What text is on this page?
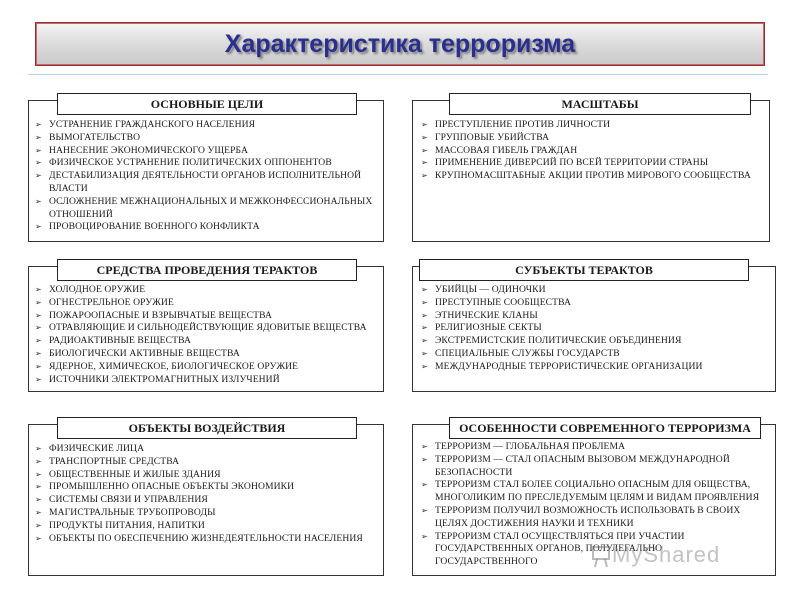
Характеристика терроризма
ОСНОВНЫЕ ЦЕЛИ
➢ УСТРАНЕНИЕ ГРАЖДАНСКОГО НАСЕЛЕНИЯ
➢ ВЫМОГАТЕЛЬСТВО
➢ НАНЕСЕНИЕ ЭКОНОМИЧЕСКОГО УЩЕРБА
➢ ФИЗИЧЕСКОЕ УСТРАНЕНИЕ ПОЛИТИЧЕСКИХ ОППОНЕНТОВ
➢ ДЕСТАБИЛИЗАЦИЯ ДЕЯТЕЛЬНОСТИ ОРГАНОВ ИСПОЛНИТЕЛЬНОЙ ВЛАСТИ
➢ ОСЛОЖНЕНИЕ МЕЖНАЦИОНАЛЬНЫХ И МЕЖКОНФЕССИОНАЛЬНЫХ ОТНОШЕНИЙ
➢ ПРОВОЦИРОВАНИЕ ВОЕННОГО КОНФЛИКТА
МАСШТАБЫ
➢ ПРЕСТУПЛЕНИЕ ПРОТИВ ЛИЧНОСТИ
➢ ГРУППОВЫЕ УБИЙСТВА
➢ МАССОВАЯ ГИБЕЛЬ ГРАЖДАН
➢ ПРИМЕНЕНИЕ ДИВЕРСИЙ ПО ВСЕЙ ТЕРРИТОРИИ СТРАНЫ
➢ КРУПНОМАСШТАБНЫЕ АКЦИИ ПРОТИВ МИРОВОГО СООБЩЕСТВА
СРЕДСТВА ПРОВЕДЕНИЯ ТЕРАКТОВ
➢ ХОЛОДНОЕ ОРУЖИЕ
➢ ОГНЕСТРЕЛЬНОЕ ОРУЖИЕ
➢ ПОЖАРООПАСНЫЕ И ВЗРЫВЧАТЫЕ ВЕЩЕСТВА
➢ ОТРАВЛЯЮЩИЕ И СИЛЬНОДЕЙСТВУЮЩИЕ ЯДОВИТЫЕ ВЕЩЕСТВА
➢ РАДИОАКТИВНЫЕ ВЕЩЕСТВА
➢ БИОЛОГИЧЕСКИ АКТИВНЫЕ ВЕЩЕСТВА
➢ ЯДЕРНОЕ, ХИМИЧЕСКОЕ, БИОЛОГИЧЕСКОЕ ОРУЖИЕ
➢ ИСТОЧНИКИ ЭЛЕКТРОМАГНИТНЫХ ИЗЛУЧЕНИЙ
СУБЪЕКТЫ ТЕРАКТОВ
➢ УБИЙЦЫ — ОДИНОЧКИ
➢ ПРЕСТУПНЫЕ СООБЩЕСТВА
➢ ЭТНИЧЕСКИЕ КЛАНЫ
➢ РЕЛИГИОЗНЫЕ СЕКТЫ
➢ ЭКСТРЕМИСТСКИЕ ПОЛИТИЧЕСКИЕ ОБЪЕДИНЕНИЯ
➢ СПЕЦИАЛЬНЫЕ СЛУЖБЫ ГОСУДАРСТВ
➢ МЕЖДУНАРОДНЫЕ ТЕРРОРИСТИЧЕСКИЕ ОРГАНИЗАЦИИ
ОБЪЕКТЫ ВОЗДЕЙСТВИЯ
➢ ФИЗИЧЕСКИЕ ЛИЦА
➢ ТРАНСПОРТНЫЕ СРЕДСТВА
➢ ОБЩЕСТВЕННЫЕ И ЖИЛЫЕ ЗДАНИЯ
➢ ПРОМЫШЛЕННО ОПАСНЫЕ ОБЪЕКТЫ ЭКОНОМИКИ
➢ СИСТЕМЫ СВЯЗИ И УПРАВЛЕНИЯ
➢ МАГИСТРАЛЬНЫЕ ТРУБОПРОВОДЫ
➢ ПРОДУКТЫ ПИТАНИЯ, НАПИТКИ
➢ ОБЪЕКТЫ ПО ОБЕСПЕЧЕНИЮ ЖИЗНЕДЕЯТЕЛЬНОСТИ НАСЕЛЕНИЯ
ОСОБЕННОСТИ СОВРЕМЕННОГО ТЕРРОРИЗМА
➢ ТЕРРОРИЗМ — ГЛОБАЛЬНАЯ ПРОБЛЕМА
➢ ТЕРРОРИЗМ — СТАЛ ОПАСНЫМ ВЫЗОВОМ МЕЖДУНАРОДНОЙ БЕЗОПАСНОСТИ
➢ ТЕРРОРИЗМ СТАЛ БОЛЕЕ СОЦИАЛЬНО ОПАСНЫМ ДЛЯ ОБЩЕСТВА, МНОГОЛИКИМ ПО ПРЕСЛЕДУЕМЫМ ЦЕЛЯМ И ВИДАМ ПРОЯВЛЕНИЯ
➢ ТЕРРОРИЗМ ПОЛУЧИЛ ВОЗМОЖНОСТЬ ИСПОЛЬЗОВАТЬ В СВОИХ ЦЕЛЯХ ДОСТИЖЕНИЯ НАУКИ И ТЕХНИКИ
➢ ТЕРРОРИЗМ СТАЛ ОСУЩЕСТВЛЯТЬСЯ ПРИ УЧАСТИИ ГОСУДАРСТВЕННЫХ ОРГАНОВ, ПОЛУЛЕГАЛЬНО ГОСУДАРСТВЕННОГО	MyShared
